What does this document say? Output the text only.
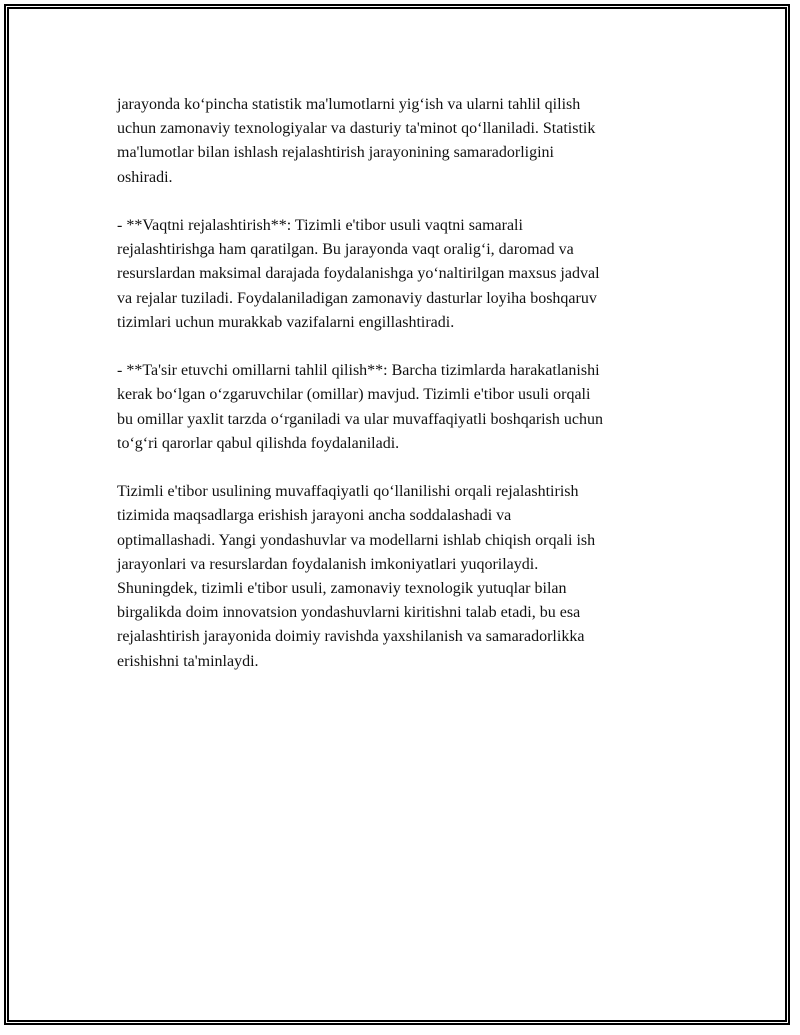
jarayonda ko‘pincha statistik ma'lumotlarni yig‘ish va ularni tahlil qilish
uchun zamonaviy texnologiyalar va dasturiy ta'minot qo‘llaniladi. Statistik
ma'lumotlar bilan ishlash rejalashtirish jarayonining samaradorligini
oshiradi.

- **Vaqtni rejalashtirish**: Tizimli e'tibor usuli vaqtni samarali
rejalashtirishga ham qaratilgan. Bu jarayonda vaqt oralig‘i, daromad va
resurslardan maksimal darajada foydalanishga yo‘naltirilgan maxsus jadval
va rejalar tuziladi. Foydalaniladigan zamonaviy dasturlar loyiha boshqaruv
tizimlari uchun murakkab vazifalarni engillashtiradi.

- **Ta'sir etuvchi omillarni tahlil qilish**: Barcha tizimlarda harakatlanishi
kerak bo‘lgan o‘zgaruvchilar (omillar) mavjud. Tizimli e'tibor usuli orqali
bu omillar yaxlit tarzda o‘rganiladi va ular muvaffaqiyatli boshqarish uchun
to‘g‘ri qarorlar qabul qilishda foydalaniladi.

Tizimli e'tibor usulining muvaffaqiyatli qo‘llanilishi orqali rejalashtirish
tizimida maqsadlarga erishish jarayoni ancha soddalashadi va
optimallashadi. Yangi yondashuvlar va modellarni ishlab chiqish orqali ish
jarayonlari va resurslardan foydalanish imkoniyatlari yuqorilaydi.
Shuningdek, tizimli e'tibor usuli, zamonaviy texnologik yutuqlar bilan
birgalikda doim innovatsion yondashuvlarni kiritishni talab etadi, bu esa
rejalashtirish jarayonida doimiy ravishda yaxshilanish va samaradorlikka
erishishni ta'minlaydi.
